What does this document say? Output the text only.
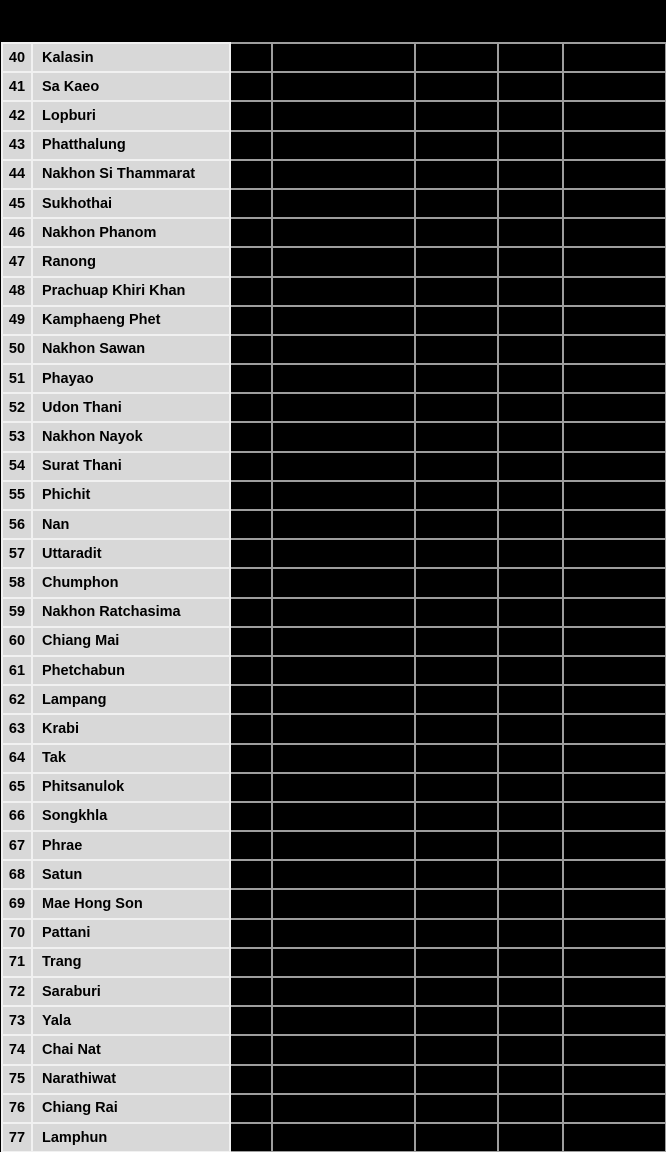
40	Kalasin					
41	Sa Kaeo					
42	Lopburi					
43	Phatthalung					
44	Nakhon Si Thammarat					
45	Sukhothai					
46	Nakhon Phanom					
47	Ranong					
48	Prachuap Khiri Khan					
49	Kamphaeng Phet					
50	Nakhon Sawan					
51	Phayao					
52	Udon Thani					
53	Nakhon Nayok					
54	Surat Thani					
55	Phichit					
56	Nan					
57	Uttaradit					
58	Chumphon					
59	Nakhon Ratchasima					
60	Chiang Mai					
61	Phetchabun					
62	Lampang					
63	Krabi					
64	Tak					
65	Phitsanulok					
66	Songkhla					
67	Phrae					
68	Satun					
69	Mae Hong Son					
70	Pattani					
71	Trang					
72	Saraburi					
73	Yala					
74	Chai Nat					
75	Narathiwat					
76	Chiang Rai					
77	Lamphun					
